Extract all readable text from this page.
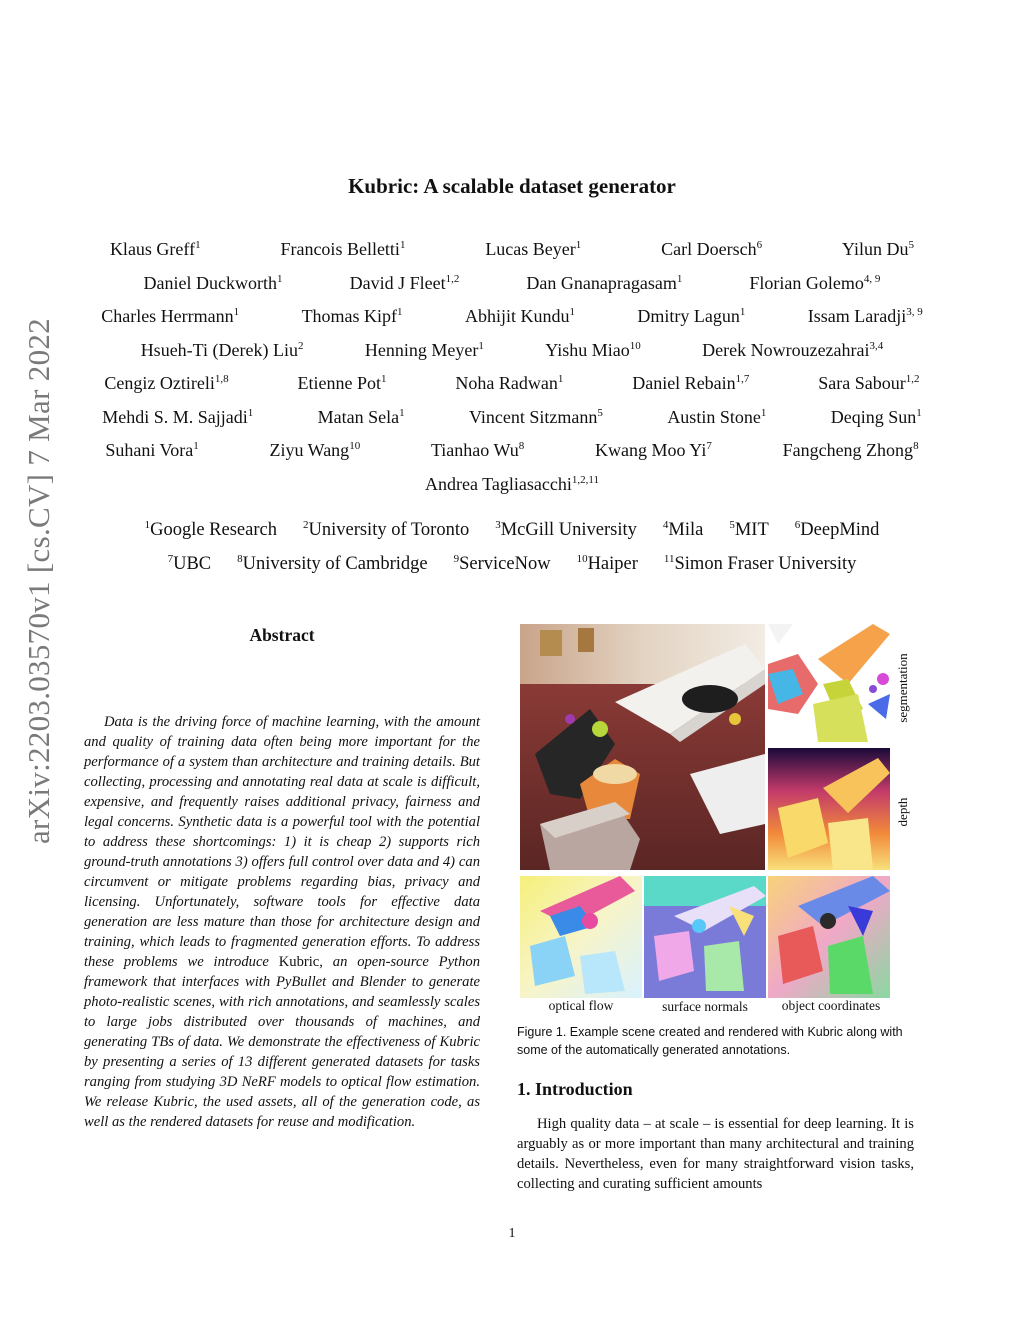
arXiv:2203.03570v1 [cs.CV] 7 Mar 2022
Kubric: A scalable dataset generator
Klaus Greff$^1$	Francois Belletti$^1$	Lucas Beyer$^1$	Carl Doersch$^6$	Yilun Du$^5$
Daniel Duckworth$^1$	David J Fleet$^{1,2}$	Dan Gnanapragasam$^1$	Florian Golemo$^{4, 9}$
Charles Herrmann$^1$	Thomas Kipf$^1$	Abhijit Kundu$^1$	Dmitry Lagun$^1$	Issam Laradji$^{3, 9}$
Hsueh-Ti (Derek) Liu$^2$	Henning Meyer$^1$	Yishu Miao$^{10}$	Derek Nowrouzezahrai$^{3,4}$
Cengiz Oztireli$^{1,8}$	Etienne Pot$^1$	Noha Radwan$^1$	Daniel Rebain$^{1,7}$	Sara Sabour$^{1,2}$
Mehdi S. M. Sajjadi$^1$	Matan Sela$^1$	Vincent Sitzmann$^5$	Austin Stone$^1$	Deqing Sun$^1$
Suhani Vora$^1$	Ziyu Wang$^{10}$	Tianhao Wu$^8$	Kwang Moo Yi$^7$	Fangcheng Zhong$^8$
Andrea Tagliasacchi$^{1,2,11}$
$^1$Google Research $^2$University of Toronto $^3$McGill University $^4$Mila $^5$MIT $^6$DeepMind
$^7$UBC $^8$University of Cambridge $^9$ServiceNow $^{10}$Haiper $^{11}$Simon Fraser University
Abstract
Data is the driving force of machine learning, with the amount and quality of training data often being more important for the performance of a system than architecture and training details. But collecting, processing and annotating real data at scale is difficult, expensive, and frequently raises additional privacy, fairness and legal concerns. Synthetic data is a powerful tool with the potential to address these shortcomings: 1) it is cheap 2) supports rich ground-truth annotations 3) offers full control over data and 4) can circumvent or mitigate problems regarding bias, privacy and licensing. Unfortunately, software tools for effective data generation are less mature than those for architecture design and training, which leads to fragmented generation efforts. To address these problems we introduce Kubric, an open-source Python framework that interfaces with PyBullet and Blender to generate photo-realistic scenes, with rich annotations, and seamlessly scales to large jobs distributed over thousands of machines, and generating TBs of data. We demonstrate the effectiveness of Kubric by presenting a series of 13 different generated datasets for tasks ranging from studying 3D NeRF models to optical flow estimation. We release Kubric, the used assets, all of the generation code, as well as the rendered datasets for reuse and modification.
segmentation
depth
optical flow	surface normals	object coordinates
Figure 1. Example scene created and rendered with Kubric along with some of the automatically generated annotations.
1. Introduction
High quality data – at scale – is essential for deep learning. It is arguably as or more important than many architectural and training details. Nevertheless, even for many straightforward vision tasks, collecting and curating sufficient amounts
1
